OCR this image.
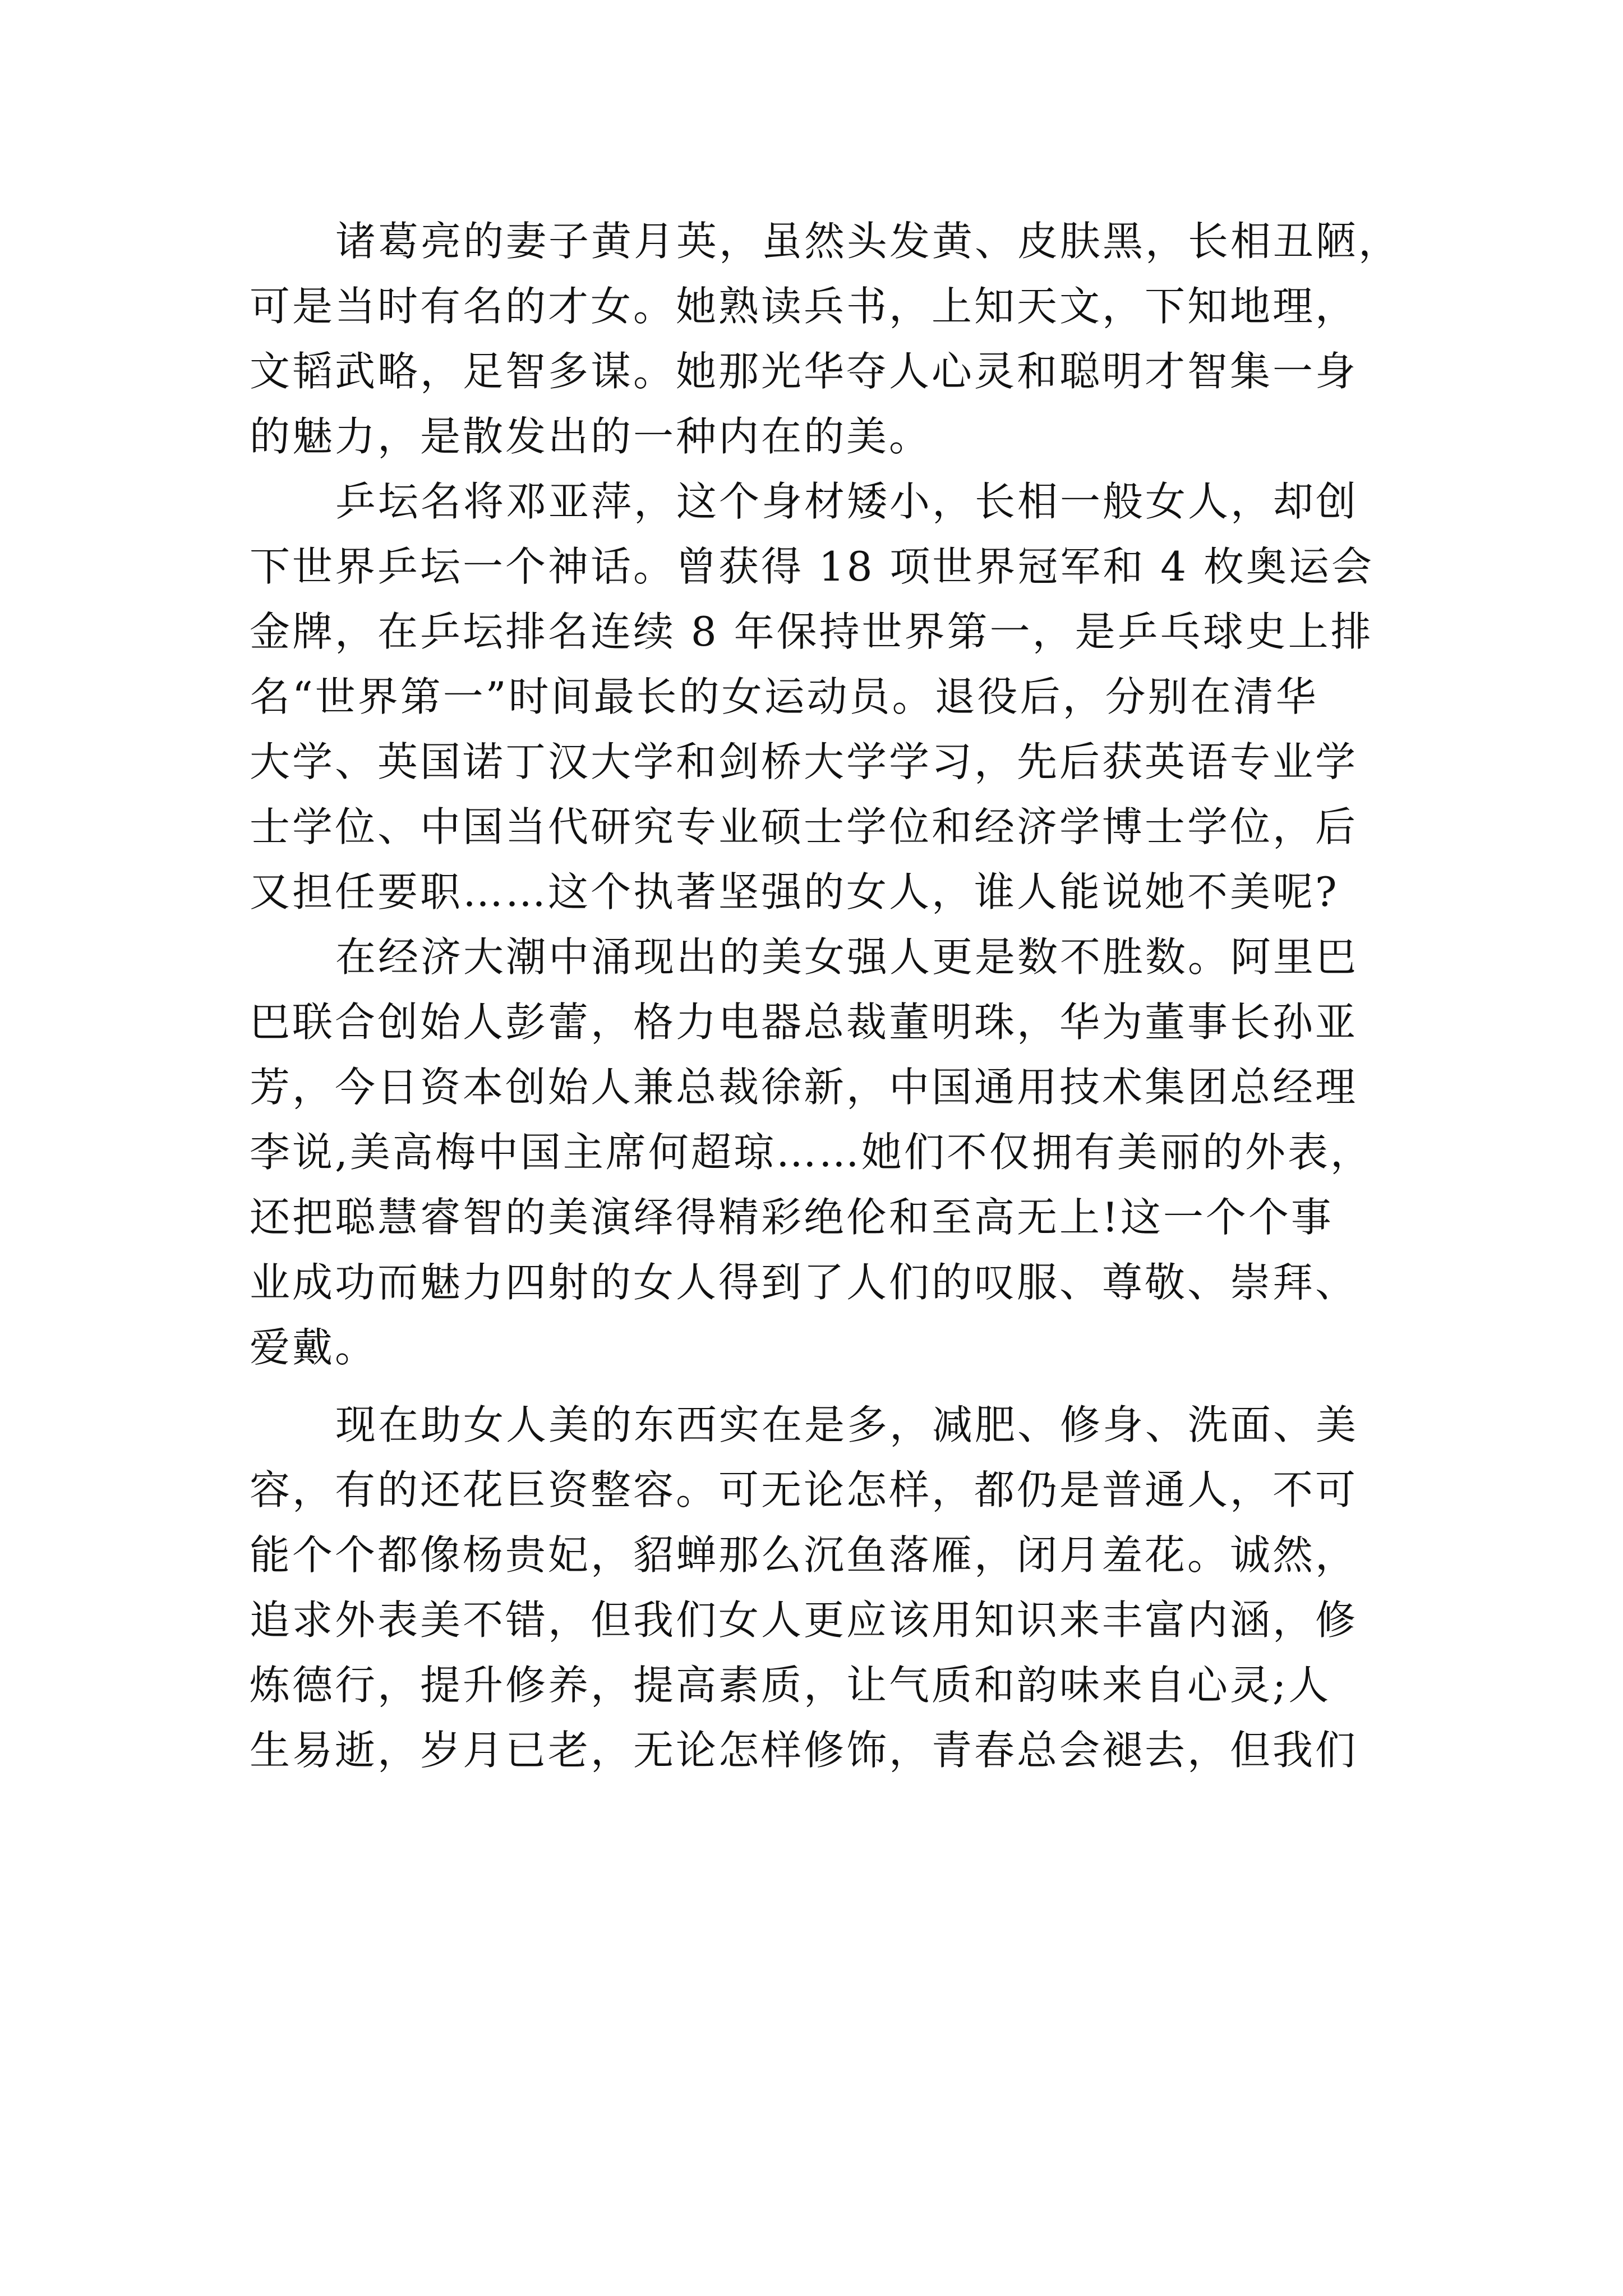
诸葛亮的妻子黄月英，虽然头发黄、皮肤黑，长相丑陋，
可是当时有名的才女。她熟读兵书，上知天文，下知地理，
文韬武略，足智多谋。她那光华夺人心灵和聪明才智集一身
的魅力，是散发出的一种内在的美。
乒坛名将邓亚萍，这个身材矮小，长相一般女人，却创
下世界乒坛一个神话。曾获得 18 项世界冠军和 4 枚奥运会
金牌，在乒坛排名连续 8 年保持世界第一，是乒乓球史上排
名“世界第一”时间最长的女运动员。退役后，分别在清华
大学、英国诺丁汉大学和剑桥大学学习，先后获英语专业学
士学位、中国当代研究专业硕士学位和经济学博士学位，后
又担任要职……这个执著坚强的女人，谁人能说她不美呢?
在经济大潮中涌现出的美女强人更是数不胜数。阿里巴
巴联合创始人彭蕾，格力电器总裁董明珠，华为董事长孙亚
芳，今日资本创始人兼总裁徐新，中国通用技术集团总经理
李说,美高梅中国主席何超琼……她们不仅拥有美丽的外表，
还把聪慧睿智的美演绎得精彩绝伦和至高无上!这一个个事
业成功而魅力四射的女人得到了人们的叹服、尊敬、崇拜、
爱戴。
现在助女人美的东西实在是多，减肥、修身、洗面、美
容，有的还花巨资整容。可无论怎样，都仍是普通人，不可
能个个都像杨贵妃，貂蝉那么沉鱼落雁，闭月羞花。诚然，
追求外表美不错，但我们女人更应该用知识来丰富内涵，修
炼德行，提升修养，提高素质，让气质和韵味来自心灵;人
生易逝，岁月已老，无论怎样修饰，青春总会褪去，但我们
